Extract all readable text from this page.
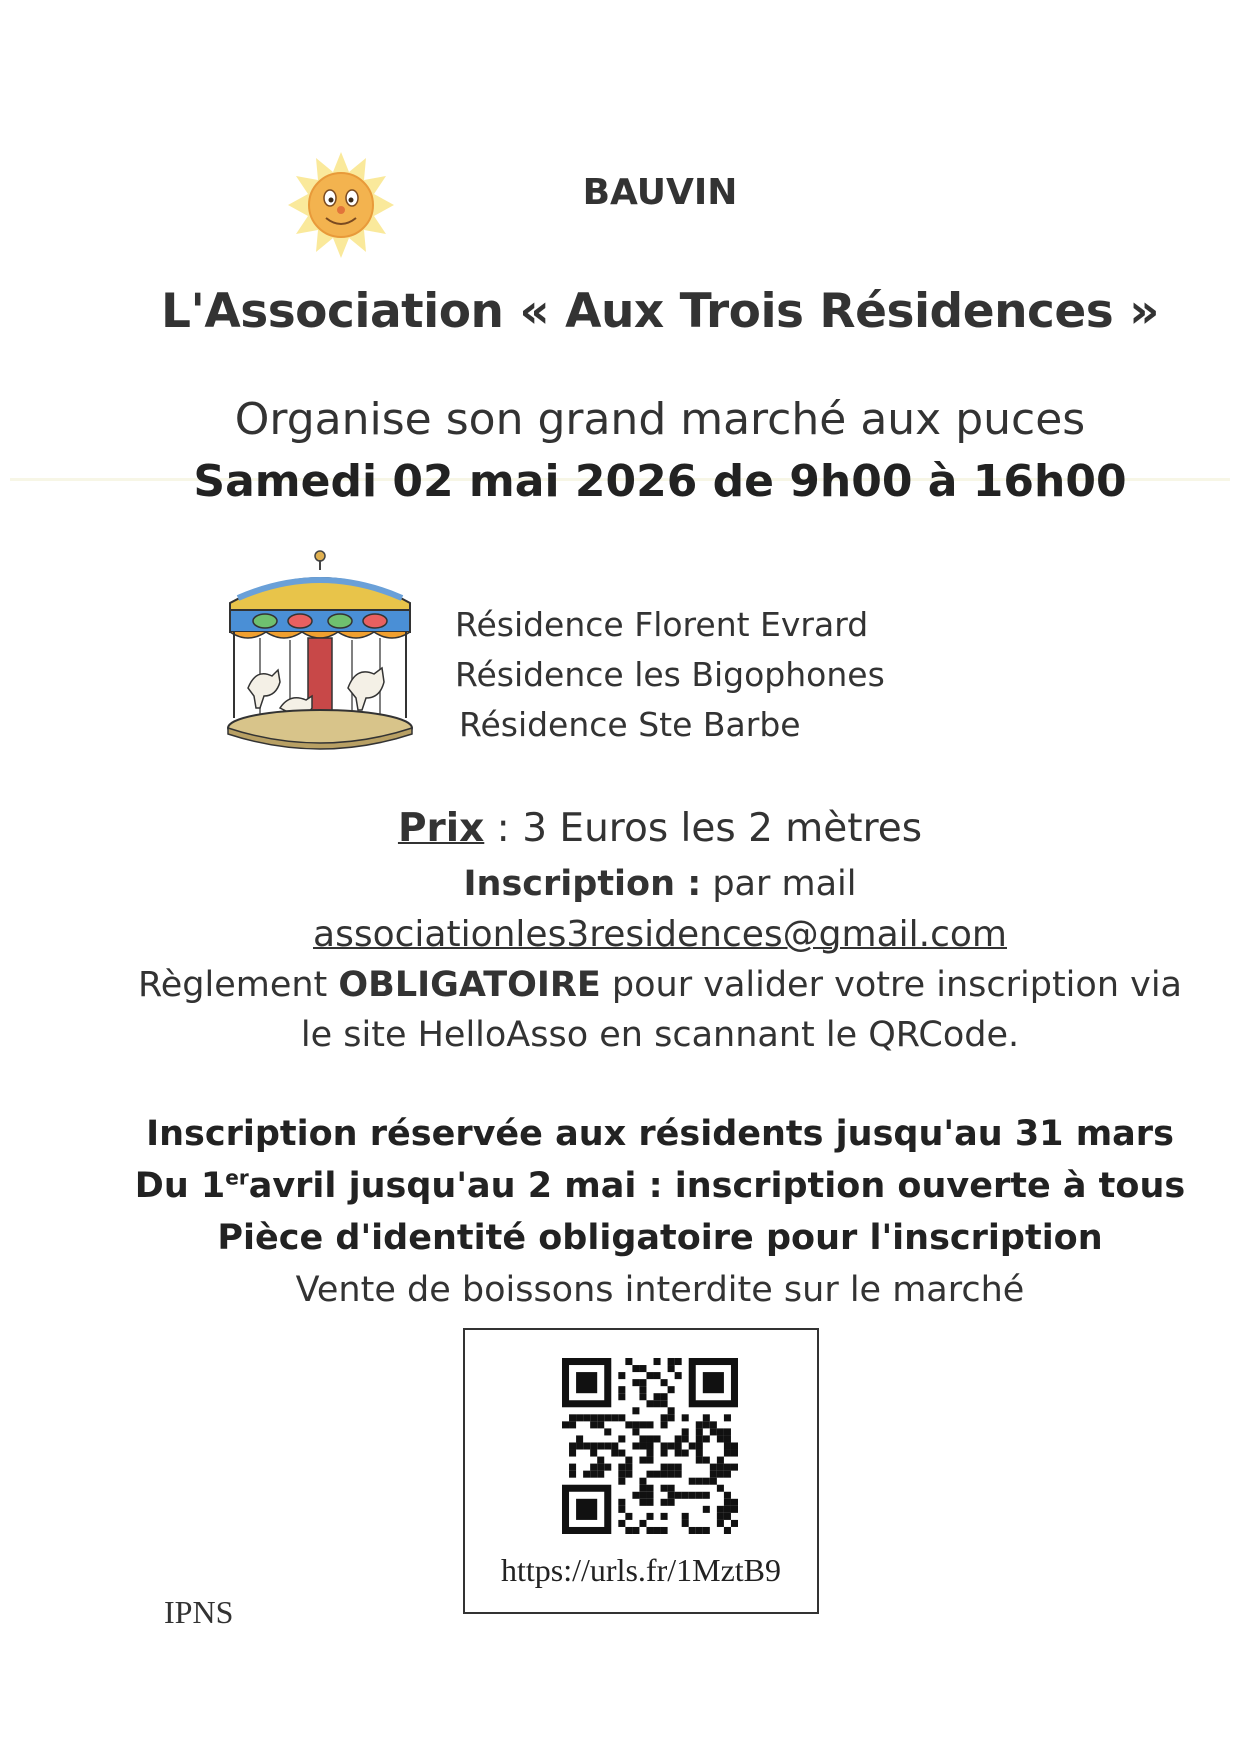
BAUVIN
L'Association « Aux Trois Résidences »
Organise son grand marché aux puces
Samedi 02 mai 2026 de 9h00 à 16h00
Résidence Florent Evrard
Résidence les Bigophones
Résidence Ste Barbe
Prix : 3 Euros les 2 mètres
Inscription : par mail
associationles3residences@gmail.com
Règlement OBLIGATOIRE pour valider votre inscription via
le site HelloAsso en scannant le QRCode.
Inscription réservée aux résidents jusqu'au 31 mars
Du 1eravril jusqu'au 2 mai : inscription ouverte à tous
Pièce d'identité obligatoire pour l'inscription
Vente de boissons interdite sur le marché
https://urls.fr/1MztB9
IPNS
